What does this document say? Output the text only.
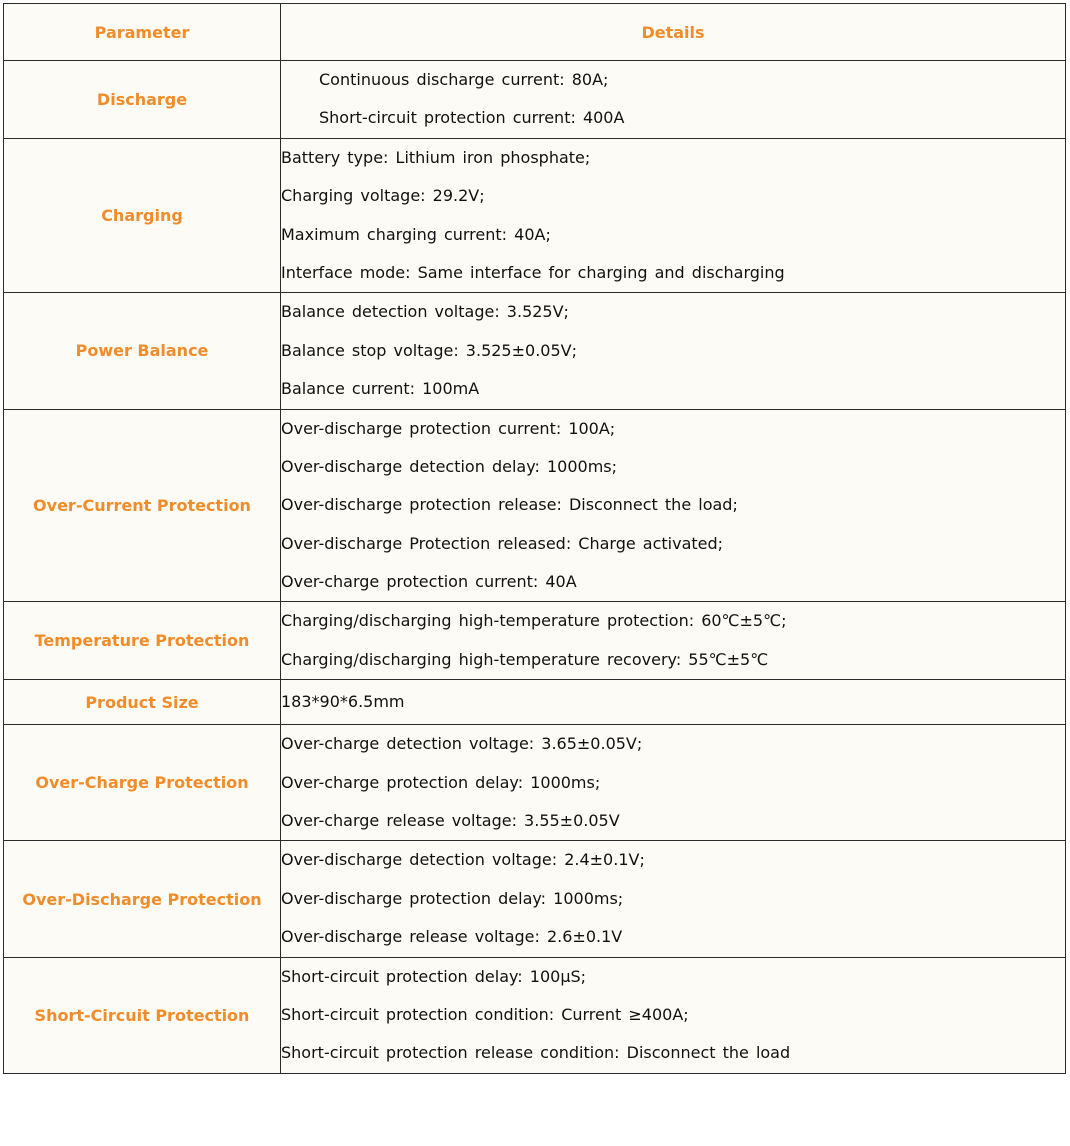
Parameter	Details
Discharge	Continuous discharge current: 80A;
Short-circuit protection current: 400A

Charging	Battery type: Lithium iron phosphate;
Charging voltage: 29.2V;
Maximum charging current: 40A;
Interface mode: Same interface for charging and discharging

Power Balance	Balance detection voltage: 3.525V;
Balance stop voltage: 3.525±0.05V;
Balance current: 100mA

Over-Current Protection	Over-discharge protection current: 100A;
Over-discharge detection delay: 1000ms;
Over-discharge protection release: Disconnect the load;
Over-discharge Protection released: Charge activated;
Over-charge protection current: 40A

Temperature Protection	Charging/discharging high-temperature protection: 60℃±5℃;
Charging/discharging high-temperature recovery: 55℃±5℃

Product Size	183*90*6.5mm

Over-Charge Protection	Over-charge detection voltage: 3.65±0.05V;
Over-charge protection delay: 1000ms;
Over-charge release voltage: 3.55±0.05V

Over-Discharge Protection	Over-discharge detection voltage: 2.4±0.1V;
Over-discharge protection delay: 1000ms;
Over-discharge release voltage: 2.6±0.1V

Short-Circuit Protection	Short-circuit protection delay: 100μS;
Short-circuit protection condition: Current ≥400A;
Short-circuit protection release condition: Disconnect the load
